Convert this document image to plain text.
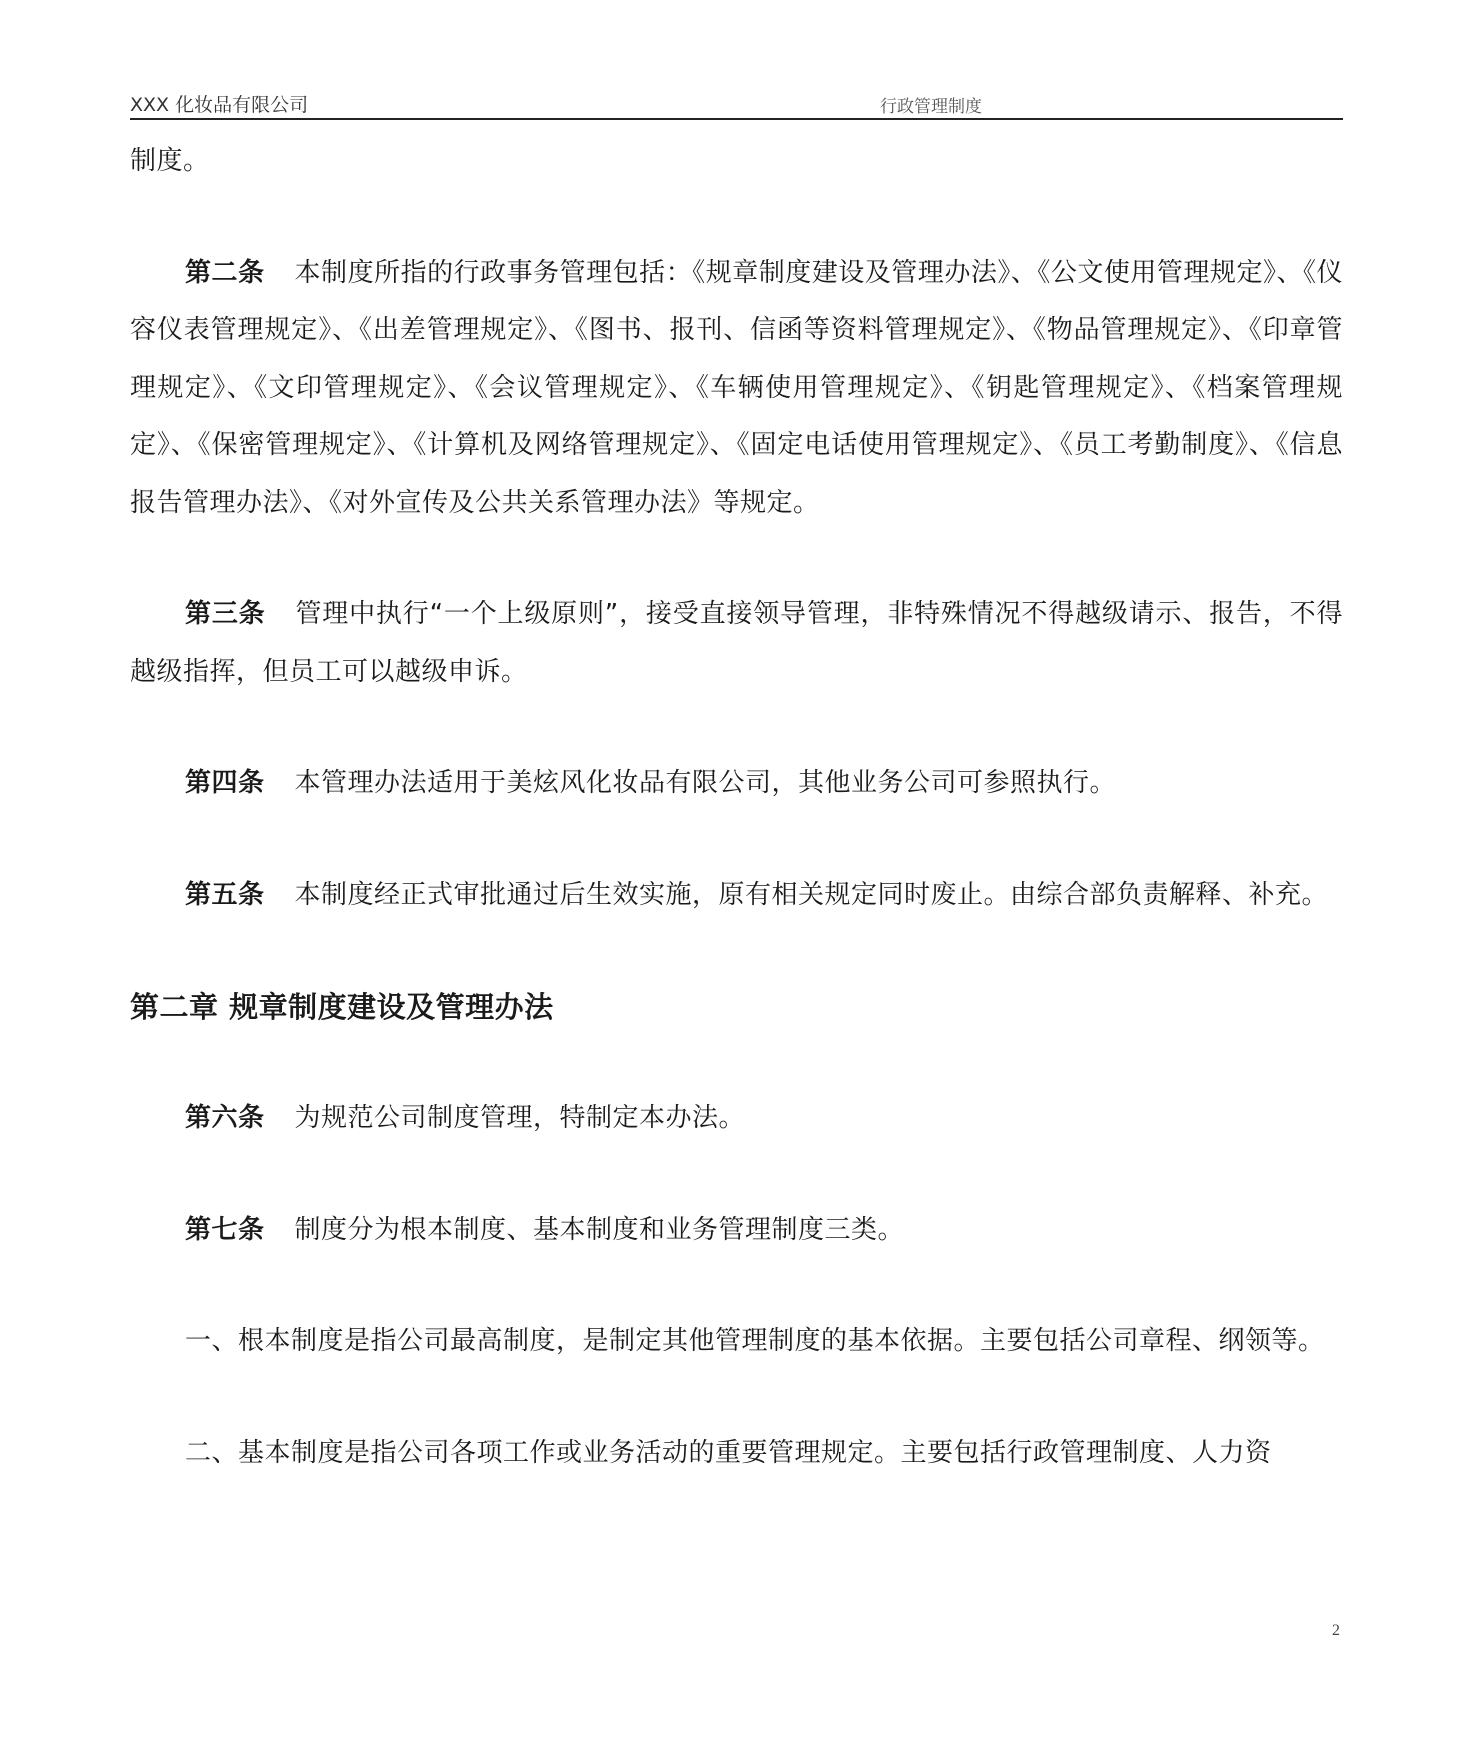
XXX 化妆品有限公司	行政管理制度

制度。

第二条 本制度所指的行政事务管理包括：《规章制度建设及管理办法》、《公文使用管理规定》、《仪容仪表管理规定》、《出差管理规定》、《图书、报刊、信函等资料管理规定》、《物品管理规定》、《印章管理规定》、《文印管理规定》、《会议管理规定》、《车辆使用管理规定》、《钥匙管理规定》、《档案管理规定》、《保密管理规定》、《计算机及网络管理规定》、《固定电话使用管理规定》、《员工考勤制度》、《信息报告管理办法》、《对外宣传及公共关系管理办法》等规定。

第三条 管理中执行“一个上级原则”，接受直接领导管理，非特殊情况不得越级请示、报告，不得越级指挥，但员工可以越级申诉。

第四条 本管理办法适用于美炫风化妆品有限公司，其他业务公司可参照执行。

第五条 本制度经正式审批通过后生效实施，原有相关规定同时废止。由综合部负责解释、补充。

第二章 规章制度建设及管理办法

第六条 为规范公司制度管理，特制定本办法。

第七条 制度分为根本制度、基本制度和业务管理制度三类。

一、根本制度是指公司最高制度，是制定其他管理制度的基本依据。主要包括公司章程、纲领等。

二、基本制度是指公司各项工作或业务活动的重要管理规定。主要包括行政管理制度、人力资

2
